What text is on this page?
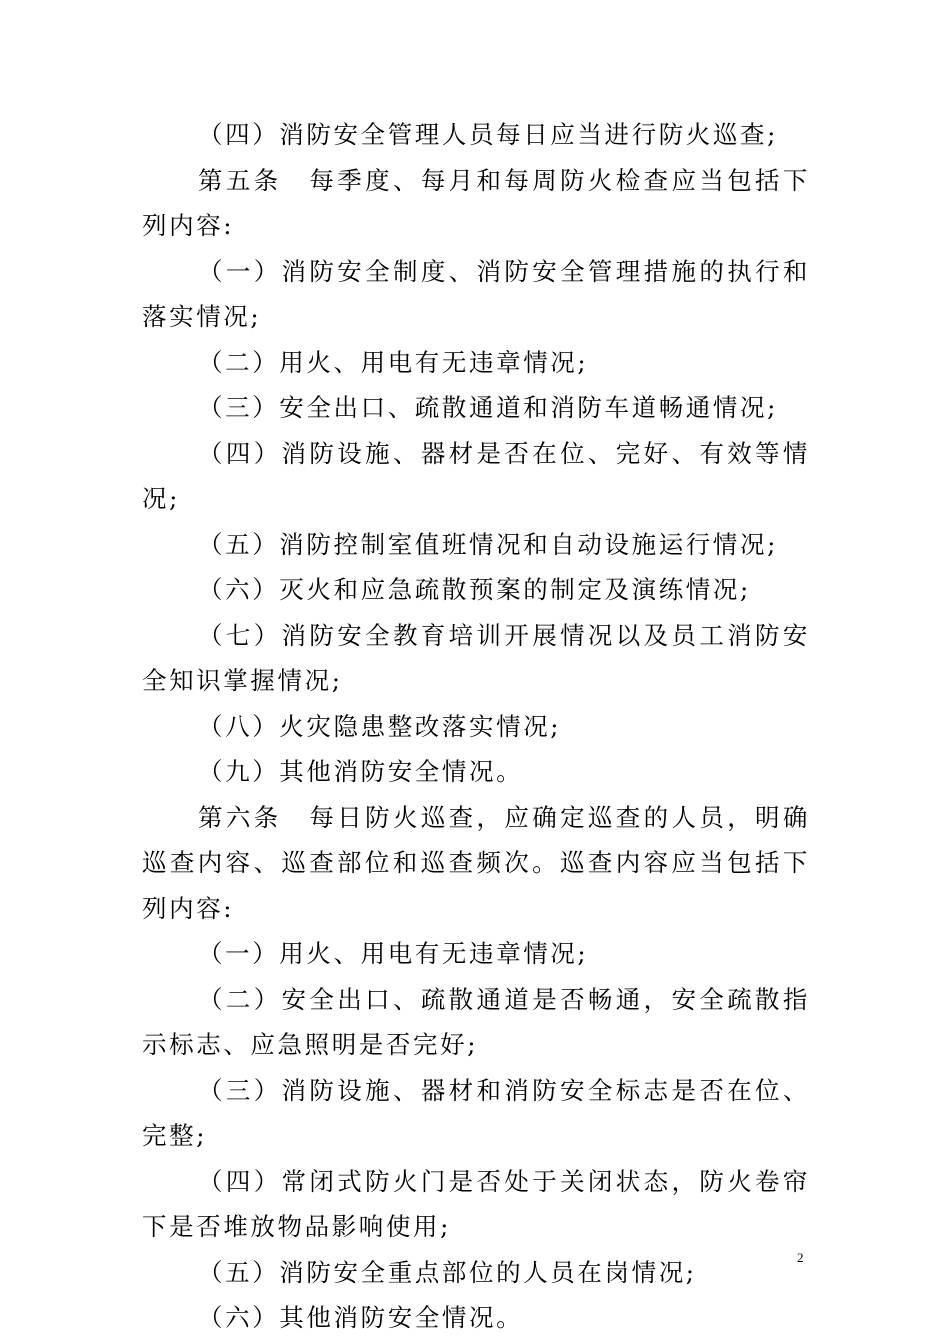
（四）消防安全管理人员每日应当进行防火巡查;

第五条　每季度、每月和每周防火检查应当包括下列内容:

（一）消防安全制度、消防安全管理措施的执行和落实情况;

（二）用火、用电有无违章情况;

（三）安全出口、疏散通道和消防车道畅通情况;

（四）消防设施、器材是否在位、完好、有效等情况;

（五）消防控制室值班情况和自动设施运行情况;

（六）灭火和应急疏散预案的制定及演练情况;

（七）消防安全教育培训开展情况以及员工消防安全知识掌握情况;

（八）火灾隐患整改落实情况;

（九）其他消防安全情况。

第六条　每日防火巡查，应确定巡查的人员，明确巡查内容、巡查部位和巡查频次。巡查内容应当包括下列内容:

（一）用火、用电有无违章情况;

（二）安全出口、疏散通道是否畅通，安全疏散指示标志、应急照明是否完好;

（三）消防设施、器材和消防安全标志是否在位、完整;

（四）常闭式防火门是否处于关闭状态，防火卷帘下是否堆放物品影响使用;

（五）消防安全重点部位的人员在岗情况;

（六）其他消防安全情况。

2
